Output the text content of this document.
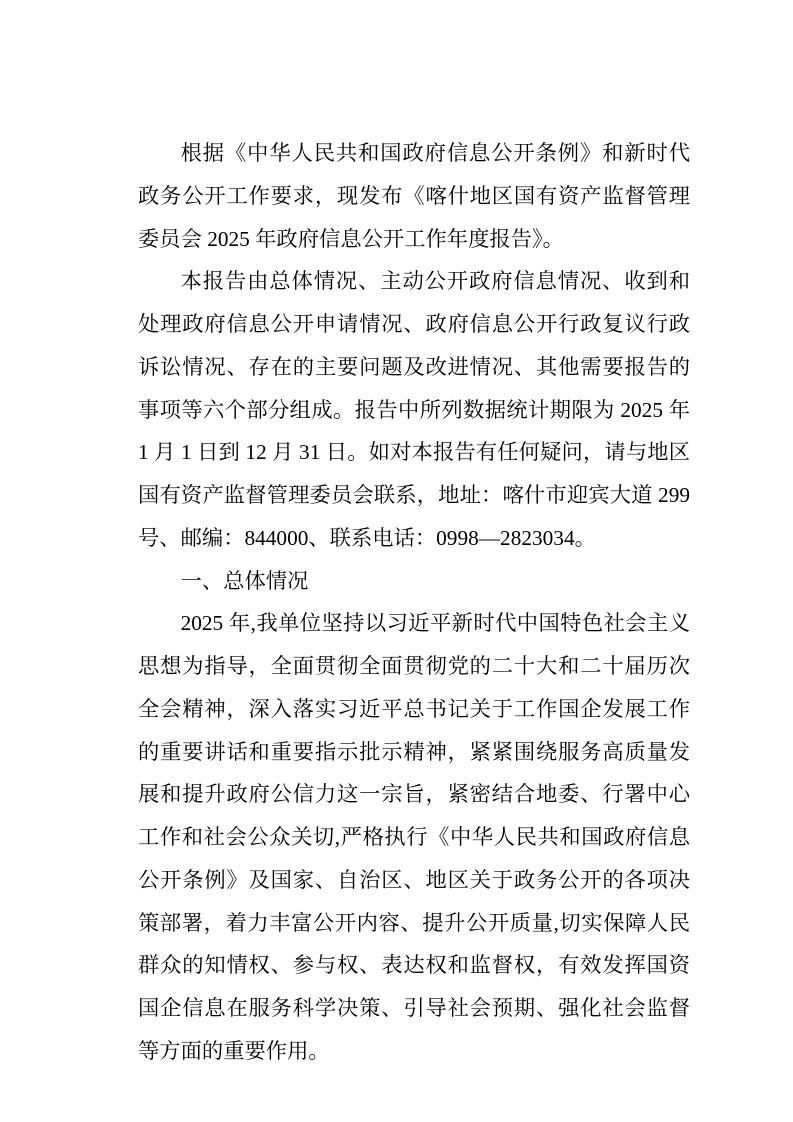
根据《中华人民共和国政府信息公开条例》和新时代政务公开工作要求，现发布《喀什地区国有资产监督管理委员会 2025 年政府信息公开工作年度报告》。

本报告由总体情况、主动公开政府信息情况、收到和处理政府信息公开申请情况、政府信息公开行政复议行政诉讼情况、存在的主要问题及改进情况、其他需要报告的事项等六个部分组成。报告中所列数据统计期限为 2025 年 1 月 1 日到 12 月 31 日。如对本报告有任何疑问，请与地区国有资产监督管理委员会联系，地址：喀什市迎宾大道 299 号、邮编：844000、联系电话：0998—2823034。

一、总体情况

2025 年,我单位坚持以习近平新时代中国特色社会主义思想为指导，全面贯彻全面贯彻党的二十大和二十届历次全会精神，深入落实习近平总书记关于工作国企发展工作的重要讲话和重要指示批示精神，紧紧围绕服务高质量发展和提升政府公信力这一宗旨，紧密结合地委、行署中心工作和社会公众关切,严格执行《中华人民共和国政府信息公开条例》及国家、自治区、地区关于政务公开的各项决策部署，着力丰富公开内容、提升公开质量,切实保障人民群众的知情权、参与权、表达权和监督权，有效发挥国资国企信息在服务科学决策、引导社会预期、强化社会监督等方面的重要作用。
